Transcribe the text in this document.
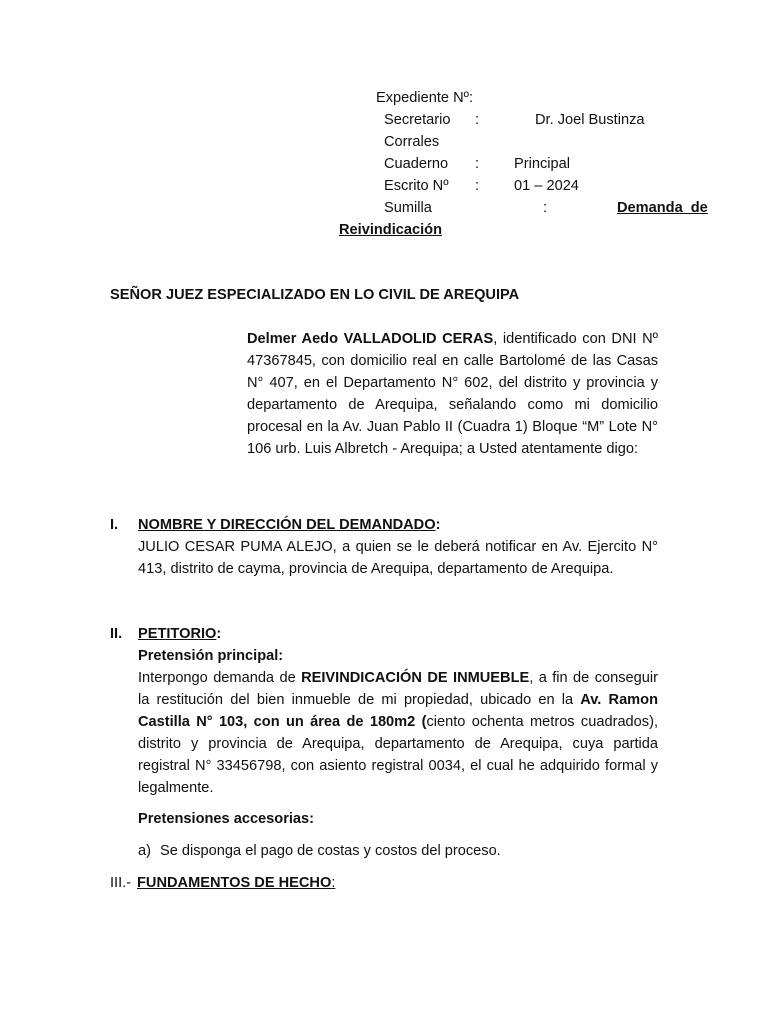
Expediente Nº:

Secretario :	Dr. Joel Bustinza

Corrales

Cuaderno : Principal

Escrito Nº : 01 – 2024

Sumilla	:	Demanda de

Reivindicación

SEÑOR JUEZ ESPECIALIZADO EN LO CIVIL DE AREQUIPA

Delmer Aedo VALLADOLID CERAS, identificado con DNI Nº 47367845, con domicilio real en calle Bartolomé de las Casas N° 407, en el Departamento N° 602, del distrito y provincia y departamento de Arequipa, señalando como mi domicilio procesal en la Av. Juan Pablo II (Cuadra 1) Bloque “M” Lote N° 106 urb. Luis Albretch - Arequipa; a Usted atentamente digo:

I. NOMBRE Y DIRECCIÓN DEL DEMANDADO:

JULIO CESAR PUMA ALEJO, a quien se le deberá notificar en Av. Ejercito N° 413, distrito de cayma, provincia de Arequipa, departamento de Arequipa.

II. PETITORIO:

Pretensión principal:

Interpongo demanda de REIVINDICACIÓN DE INMUEBLE, a fin de conseguir la restitución del bien inmueble de mi propiedad, ubicado en la Av. Ramon Castilla N° 103, con un área de 180m2 (ciento ochenta metros cuadrados), distrito y provincia de Arequipa, departamento de Arequipa, cuya partida registral N° 33456798, con asiento registral 0034, el cual he adquirido formal y legalmente.

Pretensiones accesorias:

a) Se disponga el pago de costas y costos del proceso.

III.- FUNDAMENTOS DE HECHO:
